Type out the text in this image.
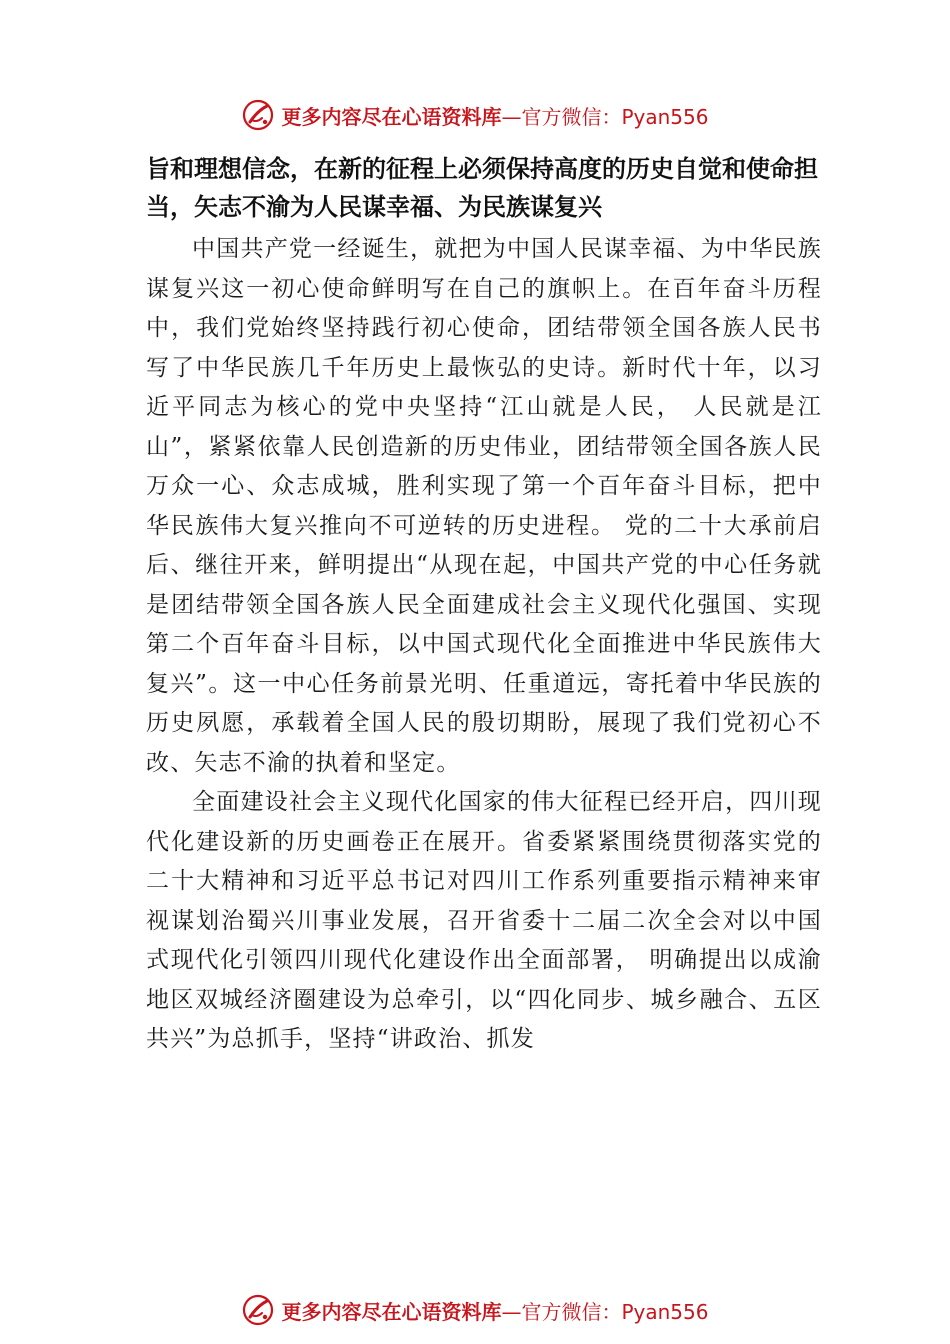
更多内容尽在心语资料库 —官方微信：Pyan556

旨和理想信念，在新的征程上必须保持高度的历史自觉和使命担当，矢志不渝为人民谋幸福、为民族谋复兴

中国共产党一经诞生，就把为中国人民谋幸福、为中华民族谋复兴这一初心使命鲜明写在自己的旗帜上。在百年奋斗历程中，我们党始终坚持践行初心使命，团结带领全国各族人民书写了中华民族几千年历史上最恢弘的史诗。新时代十年，以习近平同志为核心的党中央坚持“江山就是人民， 人民就是江山”，紧紧依靠人民创造新的历史伟业，团结带领全国各族人民万众一心、众志成城，胜利实现了第一个百年奋斗目标，把中华民族伟大复兴推向不可逆转的历史进程。 党的二十大承前启后、继往开来，鲜明提出“从现在起，中国共产党的中心任务就是团结带领全国各族人民全面建成社会主义现代化强国、实现第二个百年奋斗目标，以中国式现代化全面推进中华民族伟大复兴”。这一中心任务前景光明、任重道远，寄托着中华民族的历史夙愿，承载着全国人民的殷切期盼，展现了我们党初心不改、矢志不渝的执着和坚定。

全面建设社会主义现代化国家的伟大征程已经开启，四川现代化建设新的历史画卷正在展开。省委紧紧围绕贯彻落实党的二十大精神和习近平总书记对四川工作系列重要指示精神来审视谋划治蜀兴川事业发展，召开省委十二届二次全会对以中国式现代化引领四川现代化建设作出全面部署， 明确提出以成渝地区双城经济圈建设为总牵引，以“四化同步、城乡融合、五区共兴”为总抓手，坚持“讲政治、抓发

更多内容尽在心语资料库 —官方微信：Pyan556
